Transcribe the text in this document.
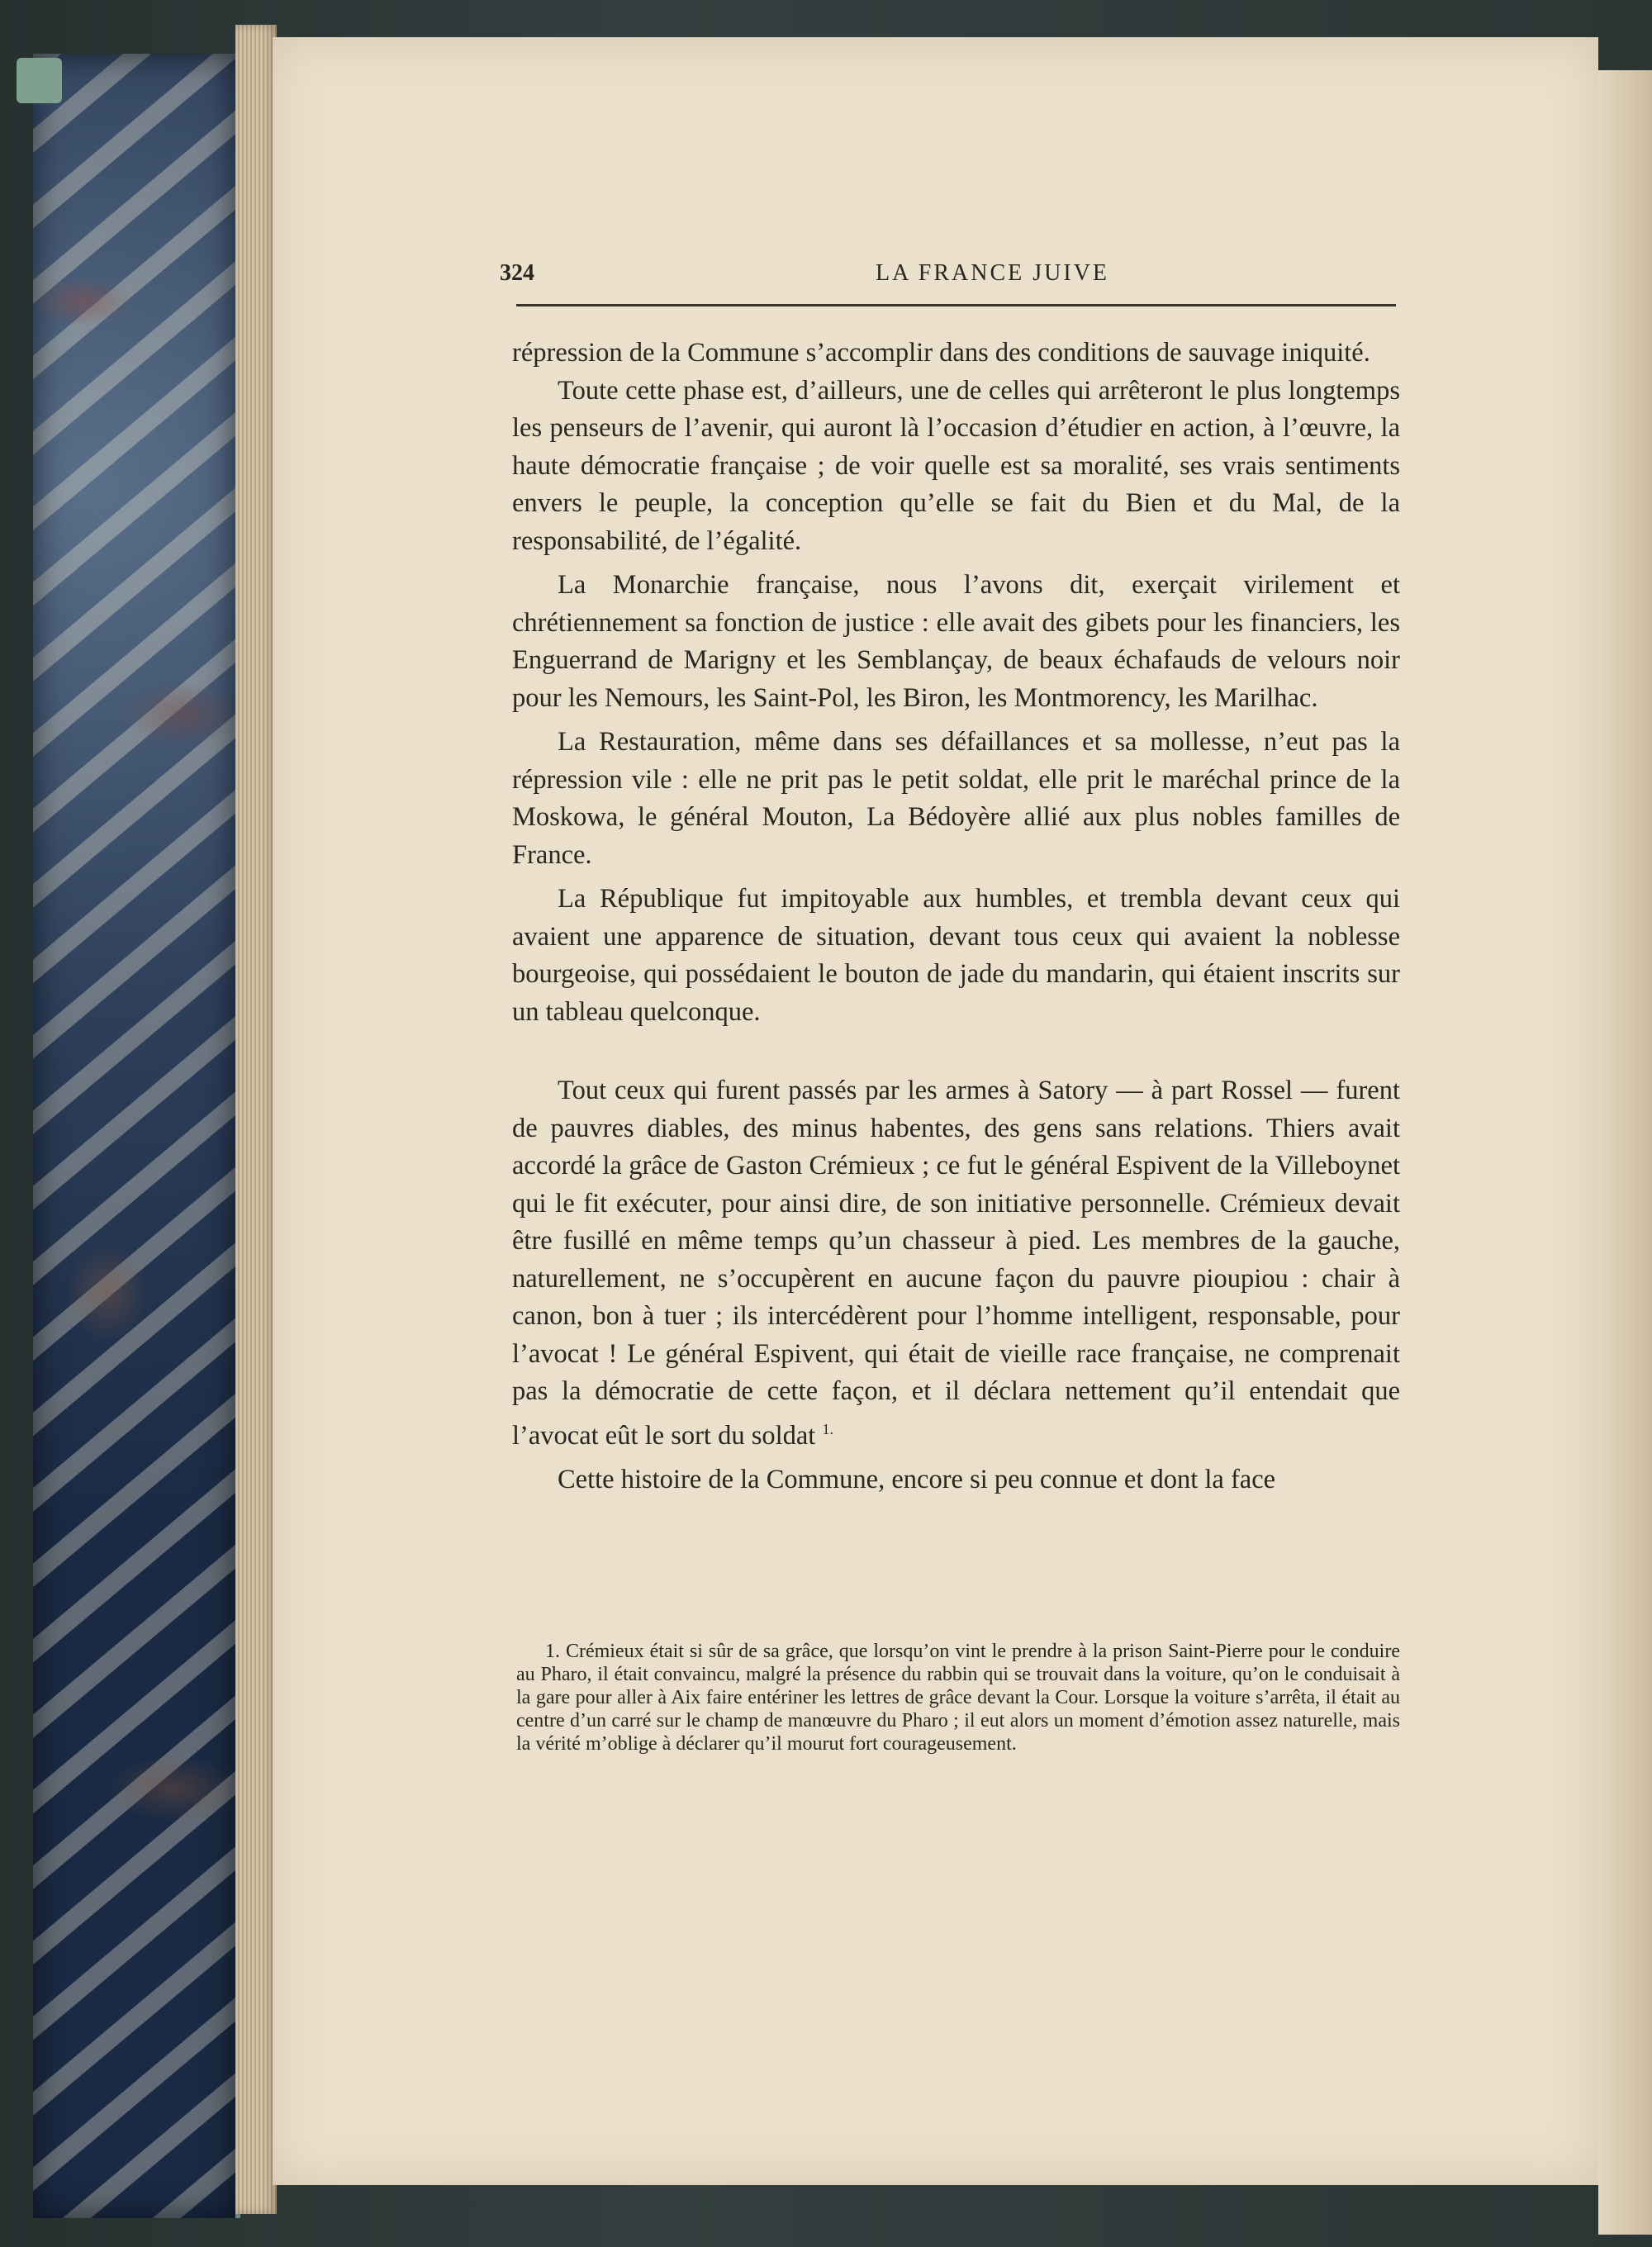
324	LA FRANCE JUIVE

répression de la Commune s’accomplir dans des conditions de sauvage iniquité.

Toute cette phase est, d’ailleurs, une de celles qui arrêteront le plus longtemps les penseurs de l’avenir, qui auront là l’occasion d’étudier en action, à l’œuvre, la haute démocratie française ; de voir quelle est sa moralité, ses vrais sentiments envers le peuple, la conception qu’elle se fait du Bien et du Mal, de la responsabilité, de l’égalité.

La Monarchie française, nous l’avons dit, exerçait virilement et chrétiennement sa fonction de justice : elle avait des gibets pour les financiers, les Enguerrand de Marigny et les Semblançay, de beaux échafauds de velours noir pour les Nemours, les Saint-Pol, les Biron, les Montmorency, les Marilhac.

La Restauration, même dans ses défaillances et sa mollesse, n’eut pas la répression vile : elle ne prit pas le petit soldat, elle prit le maréchal prince de la Moskowa, le général Mouton, La Bédoyère allié aux plus nobles familles de France.

La République fut impitoyable aux humbles, et trembla devant ceux qui avaient une apparence de situation, devant tous ceux qui avaient la noblesse bourgeoise, qui possédaient le bouton de jade du mandarin, qui étaient inscrits sur un tableau quelconque.

Tout ceux qui furent passés par les armes à Satory — à part Rossel — furent de pauvres diables, des minus habentes, des gens sans relations. Thiers avait accordé la grâce de Gaston Crémieux ; ce fut le général Espivent de la Villeboynet qui le fit exécuter, pour ainsi dire, de son initiative personnelle. Crémieux devait être fusillé en même temps qu’un chasseur à pied. Les membres de la gauche, naturellement, ne s’occupèrent en aucune façon du pauvre pioupiou : chair à canon, bon à tuer ; ils intercédèrent pour l’homme intelligent, responsable, pour l’avocat ! Le général Espivent, qui était de vieille race française, ne comprenait pas la démocratie de cette façon, et il déclara nettement qu’il entendait que l’avocat eût le sort du soldat $^{1.}$

Cette histoire de la Commune, encore si peu connue et dont la face

1. Crémieux était si sûr de sa grâce, que lorsqu’on vint le prendre à la prison Saint-Pierre pour le conduire au Pharo, il était convaincu, malgré la présence du rabbin qui se trouvait dans la voiture, qu’on le conduisait à la gare pour aller à Aix faire entériner les lettres de grâce devant la Cour. Lorsque la voiture s’arrêta, il était au centre d’un carré sur le champ de manœuvre du Pharo ; il eut alors un moment d’émotion assez naturelle, mais la vérité m’oblige à déclarer qu’il mourut fort courageusement.
